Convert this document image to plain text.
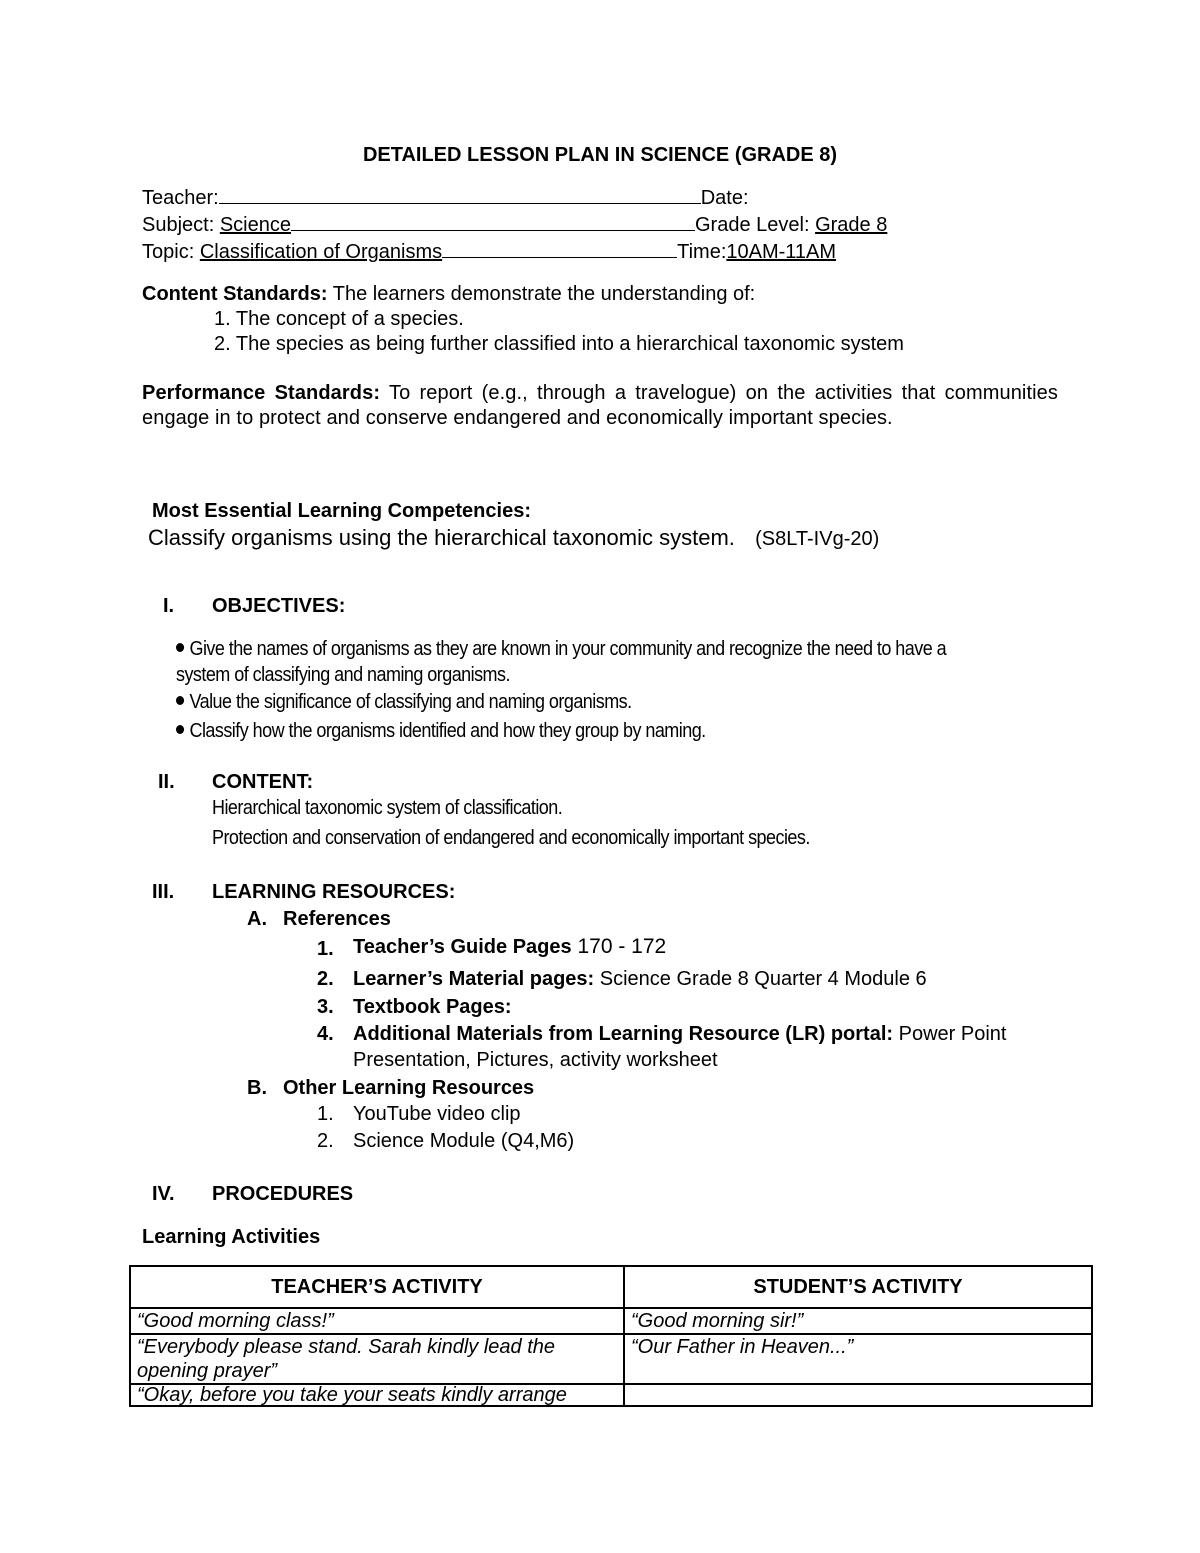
DETAILED LESSON PLAN IN SCIENCE (GRADE 8)
Teacher:	Date:
Subject: Science	Grade Level: Grade 8
Topic: Classification of Organisms	Time:10AM-11AM
Content Standards: The learners demonstrate the understanding of:
1. The concept of a species.
2. The species as being further classified into a hierarchical taxonomic system
Performance Standards: To report (e.g., through a travelogue) on the activities that communities engage in to protect and conserve endangered and economically important species.
Most Essential Learning Competencies:
Classify organisms using the hierarchical taxonomic system. (S8LT-IVg-20)
I. OBJECTIVES:
Give the names of organisms as they are known in your community and recognize the need to have a
system of classifying and naming organisms.
Value the significance of classifying and naming organisms.
Classify how the organisms identified and how they group by naming.
II. CONTENT:
Hierarchical taxonomic system of classification.
Protection and conservation of endangered and economically important species.
III. LEARNING RESOURCES:
A. References
1. Teacher’s Guide Pages 170 - 172
2. Learner’s Material pages: Science Grade 8 Quarter 4 Module 6
3. Textbook Pages:
4. Additional Materials from Learning Resource (LR) portal: Power Point
Presentation, Pictures, activity worksheet
B. Other Learning Resources
1. YouTube video clip
2. Science Module (Q4,M6)
IV. PROCEDURES
Learning Activities
TEACHER’S ACTIVITY	STUDENT’S ACTIVITY
“Good morning class!”	“Good morning sir!”
“Everybody please stand. Sarah kindly lead the opening prayer”	“Our Father in Heaven...”
“Okay, before you take your seats kindly arrange	
